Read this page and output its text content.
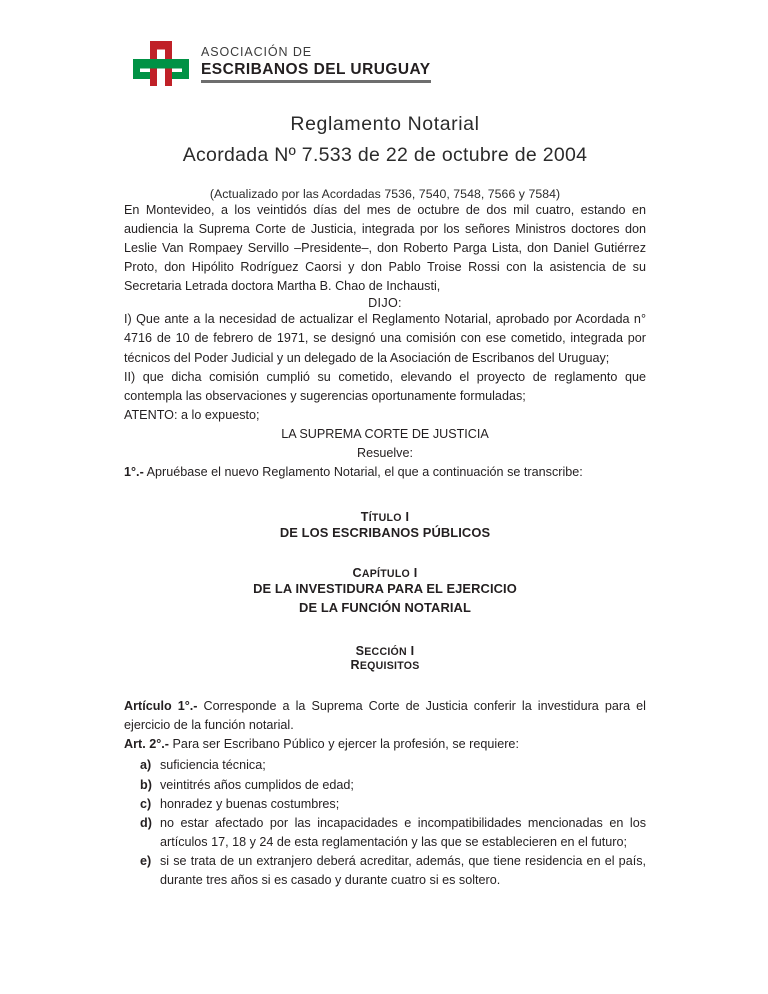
ASOCIACIÓN DE
ESCRIBANOS DEL URUGUAY
Reglamento Notarial
Acordada Nº 7.533 de 22 de octubre de 2004
(Actualizado por las Acordadas 7536, 7540, 7548, 7566 y 7584)

En Montevideo, a los veintidós días del mes de octubre de dos mil cuatro, estando en audiencia la Suprema Corte de Justicia, integrada por los señores Ministros doctores don Leslie Van Rompaey Servillo –Presidente–, don Roberto Parga Lista, don Daniel Gutiérrez Proto, don Hipólito Rodríguez Caorsi y don Pablo Troise Rossi con la asistencia de su Secretaria Letrada doctora Martha B. Chao de Inchausti,

DIJO:

I) Que ante a la necesidad de actualizar el Reglamento Notarial, aprobado por Acordada n° 4716 de 10 de febrero de 1971, se designó una comisión con ese cometido, integrada por técnicos del Poder Judicial y un delegado de la Asociación de Escribanos del Uruguay;

II) que dicha comisión cumplió su cometido, elevando el proyecto de reglamento que contempla las observaciones y sugerencias oportunamente formuladas;

ATENTO: a lo expuesto;

LA SUPREMA CORTE DE JUSTICIA

Resuelve:

1°.- Apruébase el nuevo Reglamento Notarial, el que a continuación se transcribe:

TÍTULO I

DE LOS ESCRIBANOS PÚBLICOS

CAPÍTULO I

DE LA INVESTIDURA PARA EL EJERCICIO

DE LA FUNCIÓN NOTARIAL

SECCIÓN I

REQUISITOS

Artículo 1°.- Corresponde a la Suprema Corte de Justicia conferir la investidura para el ejercicio de la función notarial.

Art. 2°.- Para ser Escribano Público y ejercer la profesión, se requiere:

a) suficiencia técnica;
b) veintitrés años cumplidos de edad;
c) honradez y buenas costumbres;
d) no estar afectado por las incapacidades e incompatibilidades mencionadas en los artículos 17, 18 y 24 de esta reglamentación y las que se establecieren en el futuro;
e) si se trata de un extranjero deberá acreditar, además, que tiene residencia en el país, durante tres años si es casado y durante cuatro si es soltero.
